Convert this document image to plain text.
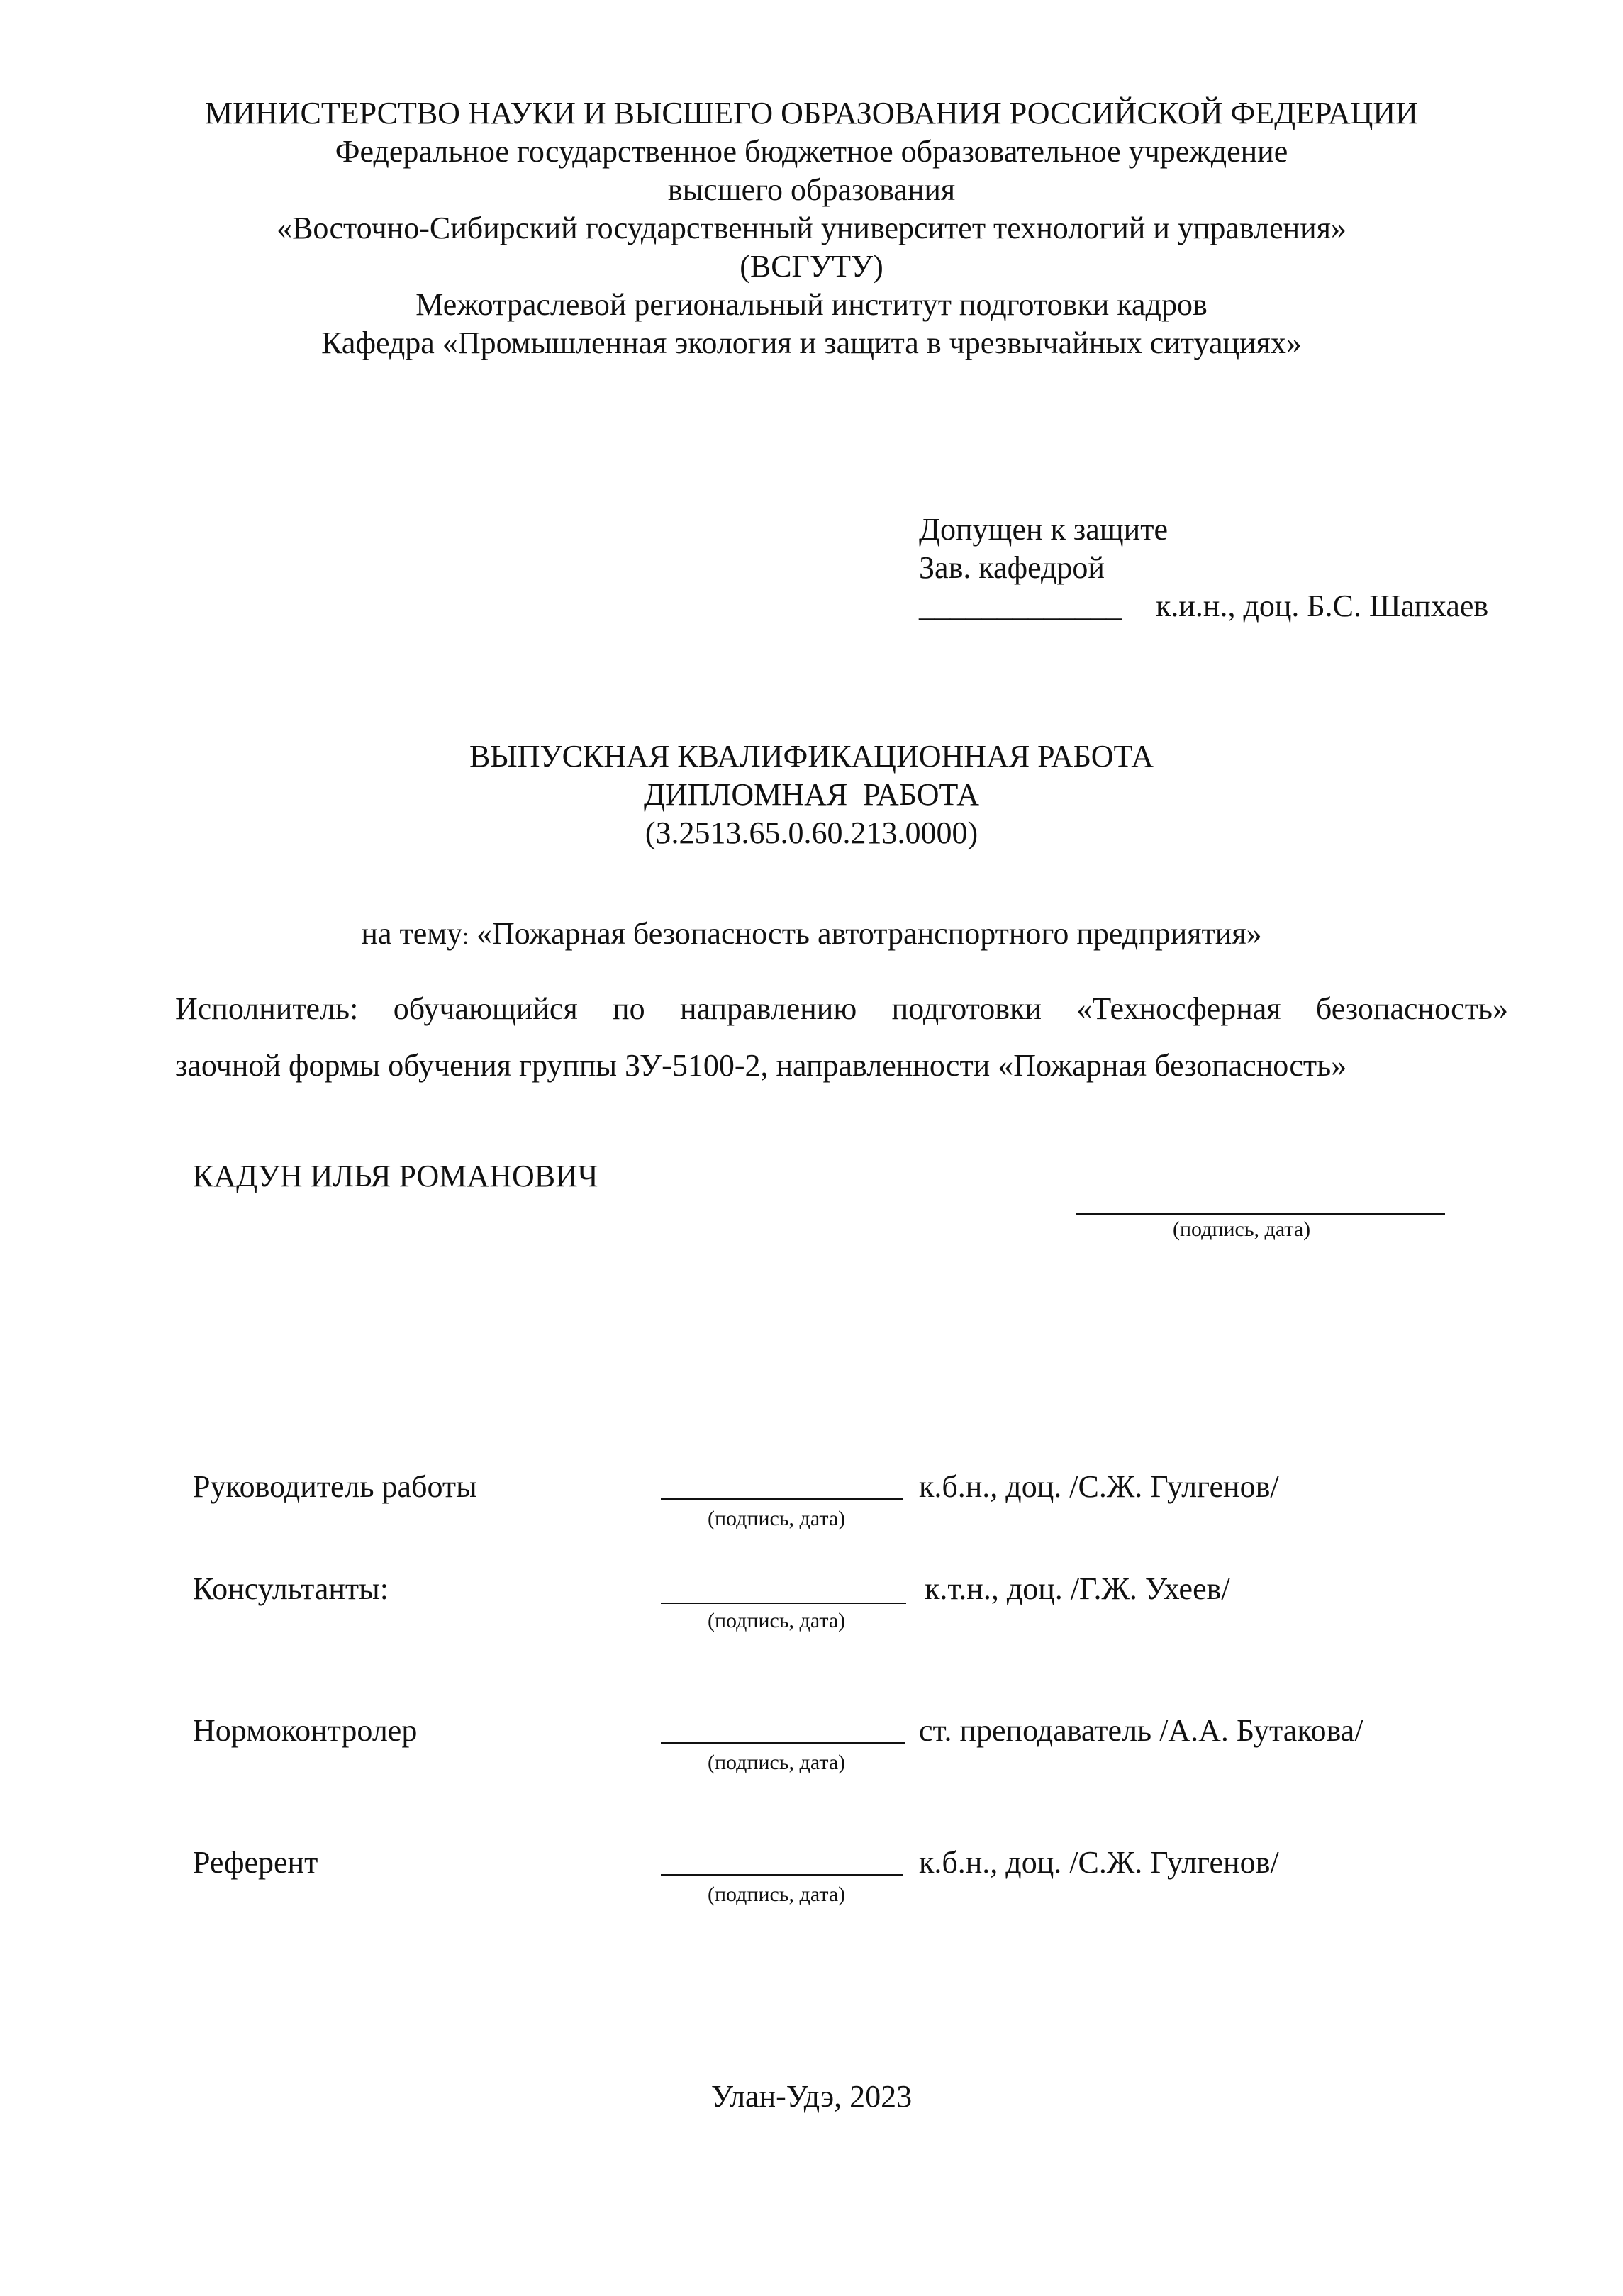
МИНИСТЕРСТВО НАУКИ И ВЫСШЕГО ОБРАЗОВАНИЯ РОССИЙСКОЙ ФЕДЕРАЦИИ
Федеральное государственное бюджетное образовательное учреждение
высшего образования
«Восточно-Сибирский государственный университет технологий и управления»
(ВСГУТУ)
Межотраслевой региональный институт подготовки кадров
Кафедра «Промышленная экология и защита в чрезвычайных ситуациях»
Допущен к защите
Зав. кафедрой
_____________ к.и.н., доц. Б.С. Шапхаев
ВЫПУСКНАЯ КВАЛИФИКАЦИОННАЯ РАБОТА
ДИПЛОМНАЯ  РАБОТА
(З.2513.65.0.60.213.0000)
на тему: «Пожарная безопасность автотранспортного предприятия»
Исполнитель: обучающийся по направлению подготовки «Техносферная безопасность»
заочной формы обучения группы ЗУ-5100-2, направленности «Пожарная безопасность»
КАДУН ИЛЬЯ РОМАНОВИЧ
(подпись, дата)
Руководитель работы
(подпись, дата)
к.б.н., доц. /С.Ж. Гулгенов/
Консультанты:
(подпись, дата)
к.т.н., доц. /Г.Ж. Ухеев/
Нормоконтролер
(подпись, дата)
ст. преподаватель /А.А. Бутакова/
Референт
(подпись, дата)
к.б.н., доц. /С.Ж. Гулгенов/
Улан-Удэ, 2023
